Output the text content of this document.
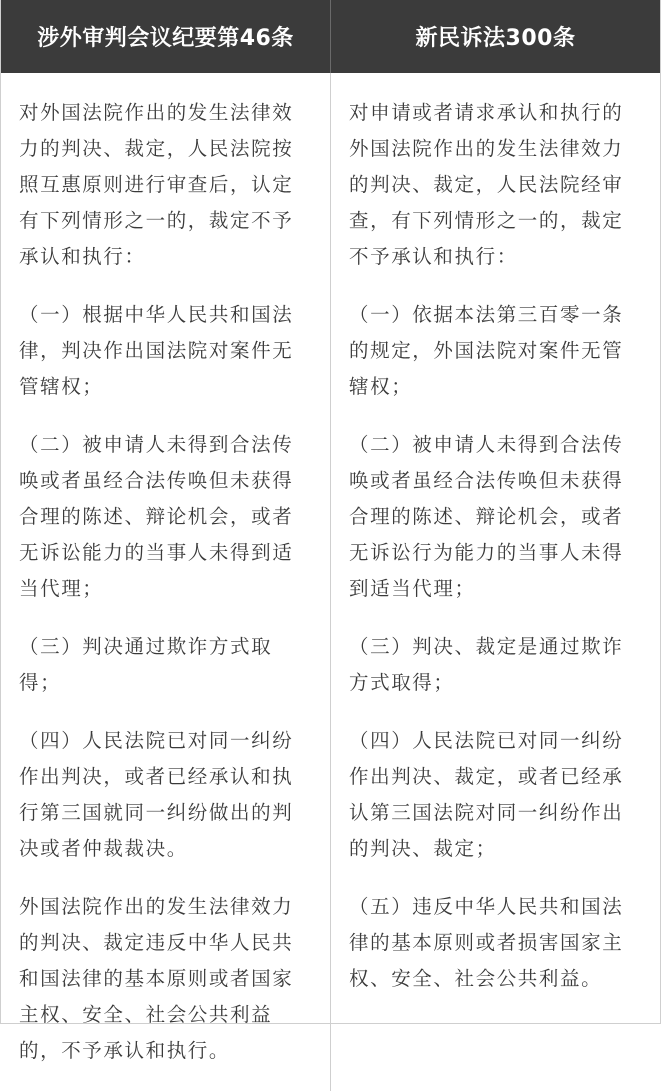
涉外审判会议纪要第46条	新民诉法300条

对外国法院作出的发生法律效力的判决、裁定，人民法院按照互惠原则进行审查后，认定有下列情形之一的，裁定不予承认和执行：

（一）根据中华人民共和国法律，判决作出国法院对案件无管辖权；

（二）被申请人未得到合法传唤或者虽经合法传唤但未获得合理的陈述、辩论机会，或者无诉讼能力的当事人未得到适当代理；

（三）判决通过欺诈方式取得；

（四）人民法院已对同一纠纷作出判决，或者已经承认和执行第三国就同一纠纷做出的判决或者仲裁裁决。

外国法院作出的发生法律效力的判决、裁定违反中华人民共和国法律的基本原则或者国家主权、安全、社会公共利益的，不予承认和执行。

对申请或者请求承认和执行的外国法院作出的发生法律效力的判决、裁定，人民法院经审查，有下列情形之一的，裁定不予承认和执行：

（一）依据本法第三百零一条的规定，外国法院对案件无管辖权；

（二）被申请人未得到合法传唤或者虽经合法传唤但未获得合理的陈述、辩论机会，或者无诉讼行为能力的当事人未得到适当代理；

（三）判决、裁定是通过欺诈方式取得；

（四）人民法院已对同一纠纷作出判决、裁定，或者已经承认第三国法院对同一纠纷作出的判决、裁定；

（五）违反中华人民共和国法律的基本原则或者损害国家主权、安全、社会公共利益。
